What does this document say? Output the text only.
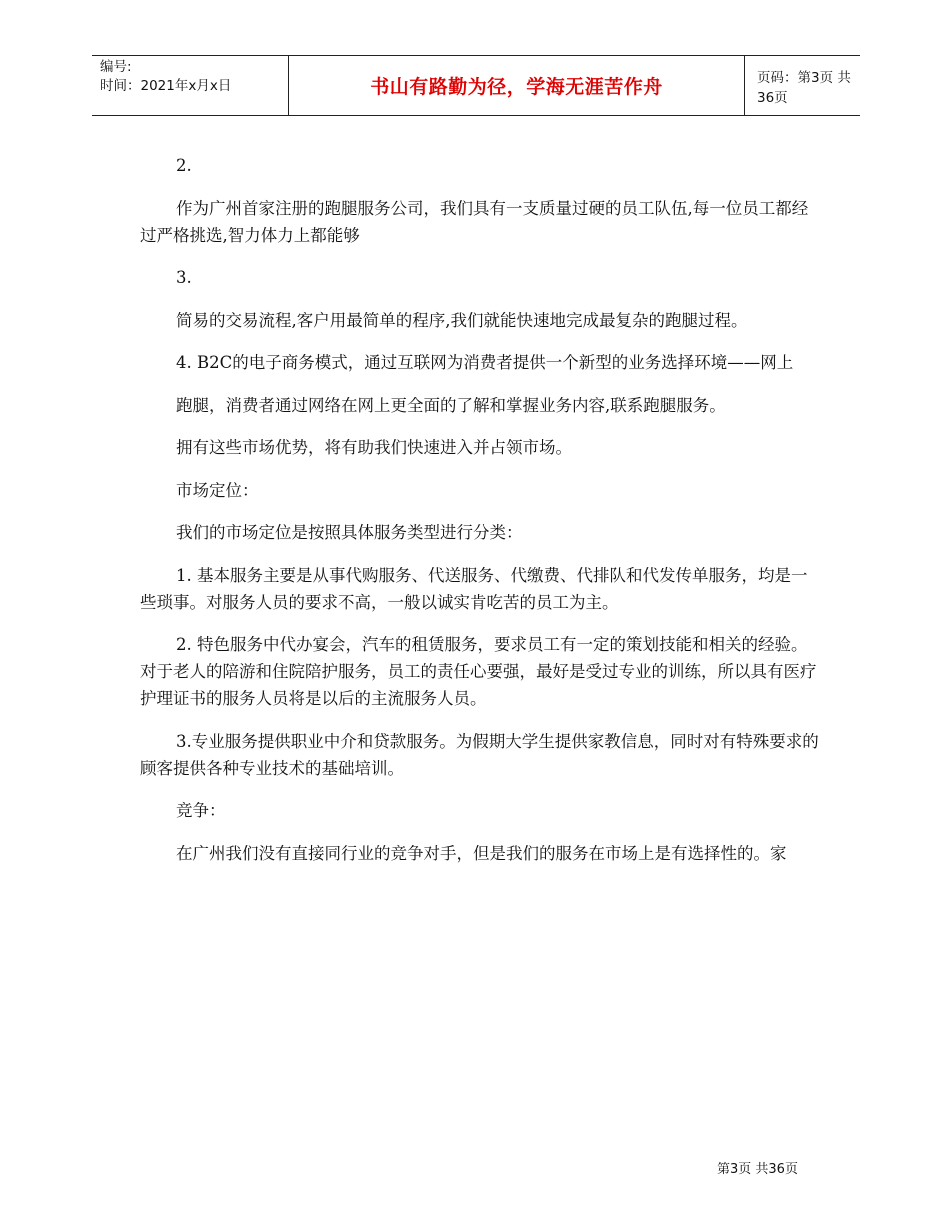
编号:
时间：2021年x月x日	书山有路勤为径，学海无涯苦作舟	页码：第3页 共36页

2.

作为广州首家注册的跑腿服务公司，我们具有一支质量过硬的员工队伍,每一位员工都经过严格挑选,智力体力上都能够

3.

简易的交易流程,客户用最简单的程序,我们就能快速地完成最复杂的跑腿过程。

4. B2C的电子商务模式，通过互联网为消费者提供一个新型的业务选择环境——网上

跑腿，消费者通过网络在网上更全面的了解和掌握业务内容,联系跑腿服务。

拥有这些市场优势，将有助我们快速进入并占领市场。

市场定位：

我们的市场定位是按照具体服务类型进行分类：

1. 基本服务主要是从事代购服务、代送服务、代缴费、代排队和代发传单服务，均是一些琐事。对服务人员的要求不高，一般以诚实肯吃苦的员工为主。

2. 特色服务中代办宴会，汽车的租赁服务，要求员工有一定的策划技能和相关的经验。对于老人的陪游和住院陪护服务，员工的责任心要强，最好是受过专业的训练，所以具有医疗护理证书的服务人员将是以后的主流服务人员。

3.专业服务提供职业中介和贷款服务。为假期大学生提供家教信息，同时对有特殊要求的顾客提供各种专业技术的基础培训。

竞争：

在广州我们没有直接同行业的竞争对手，但是我们的服务在市场上是有选择性的。家

第3页 共36页
